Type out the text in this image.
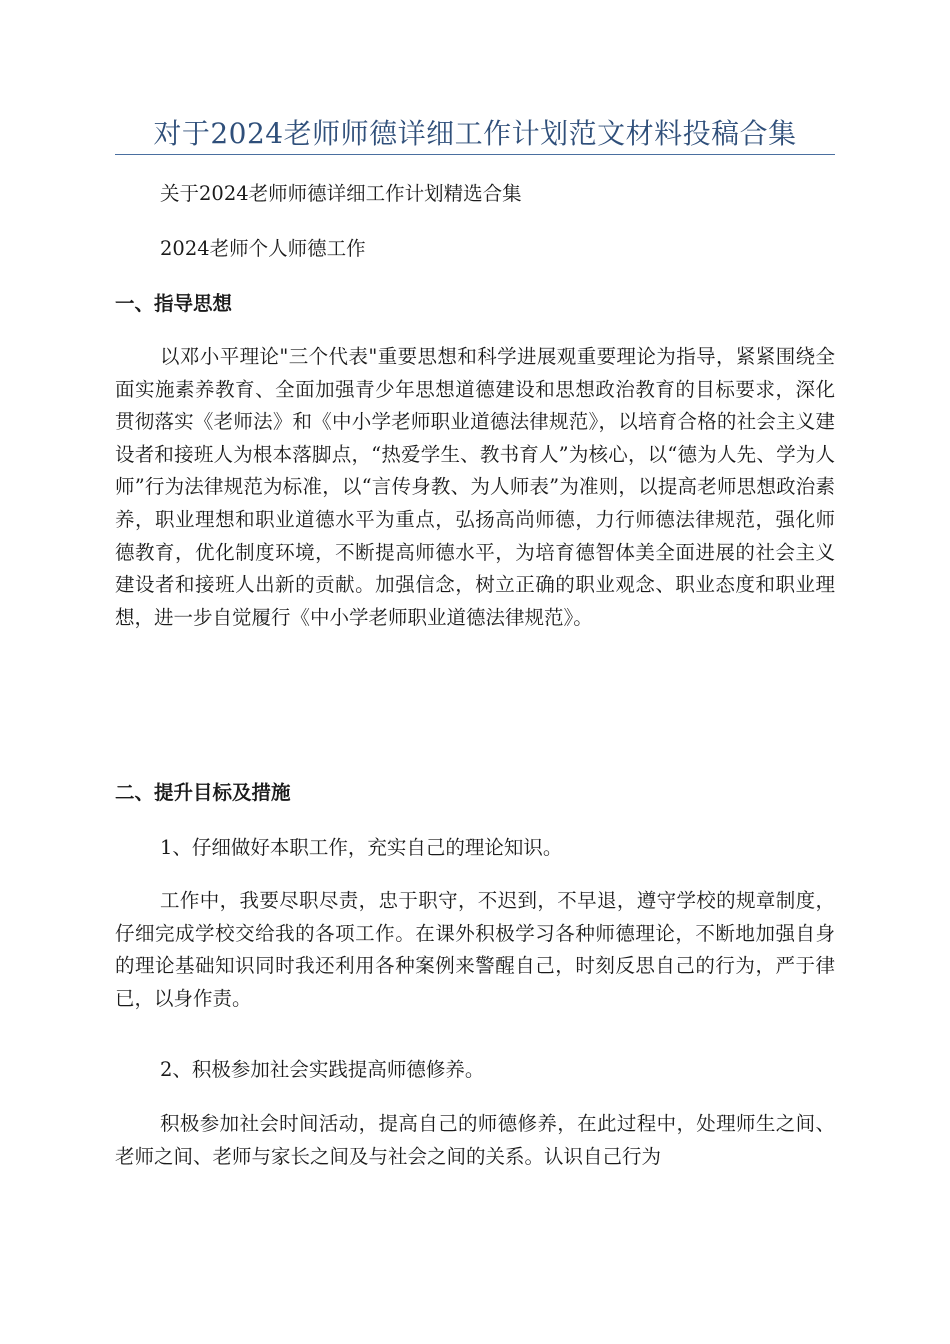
对于2024老师师德详细工作计划范文材料投稿合集
关于2024老师师德详细工作计划精选合集
2024老师个人师德工作
一、指导思想
以邓小平理论"三个代表"重要思想和科学进展观重要理论为指导，紧紧围绕全面实施素养教育、全面加强青少年思想道德建设和思想政治教育的目标要求，深化贯彻落实《老师法》和《中小学老师职业道德法律规范》，以培育合格的社会主义建设者和接班人为根本落脚点，“热爱学生、教书育人”为核心，以“德为人先、学为人师”行为法律规范为标准，以“言传身教、为人师表”为准则，以提高老师思想政治素养，职业理想和职业道德水平为重点，弘扬高尚师德，力行师德法律规范，强化师德教育，优化制度环境，不断提高师德水平，为培育德智体美全面进展的社会主义建设者和接班人出新的贡献。加强信念，树立正确的职业观念、职业态度和职业理想，进一步自觉履行《中小学老师职业道德法律规范》。
二、提升目标及措施
1、仔细做好本职工作，充实自己的理论知识。
工作中，我要尽职尽责，忠于职守，不迟到，不早退，遵守学校的规章制度，仔细完成学校交给我的各项工作。在课外积极学习各种师德理论，不断地加强自身的理论基础知识同时我还利用各种案例来警醒自己，时刻反思自己的行为，严于律已，以身作责。
2、积极参加社会实践提高师德修养。
积极参加社会时间活动，提高自己的师德修养，在此过程中，处理师生之间、老师之间、老师与家长之间及与社会之间的关系。认识自己行为
